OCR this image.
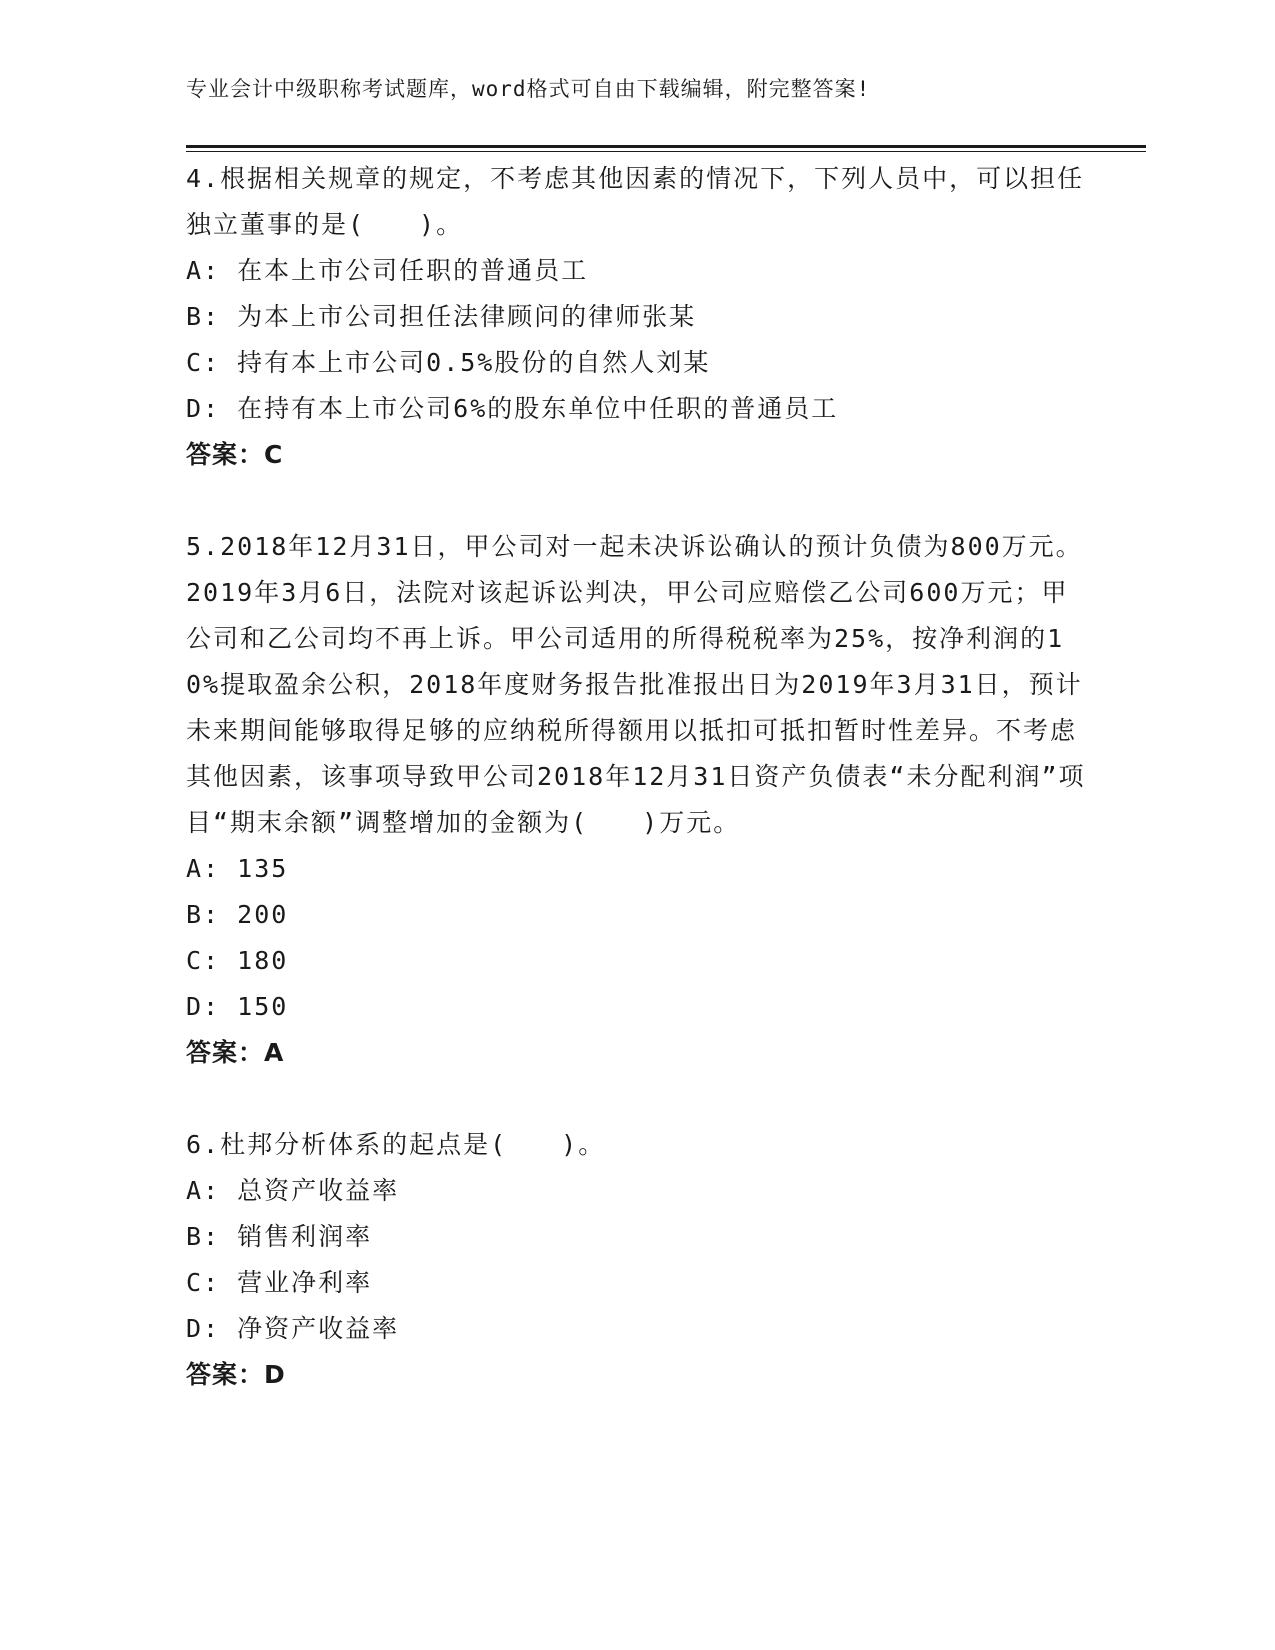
专业会计中级职称考试题库，word格式可自由下载编辑，附完整答案!
4.根据相关规章的规定，不考虑其他因素的情况下，下列人员中，可以担任独立董事的是(　　)。
A: 在本上市公司任职的普通员工
B: 为本上市公司担任法律顾问的律师张某
C: 持有本上市公司0.5%股份的自然人刘某
D: 在持有本上市公司6%的股东单位中任职的普通员工
答案：C
5.2018年12月31日，甲公司对一起未决诉讼确认的预计负债为800万元。2019年3月6日，法院对该起诉讼判决，甲公司应赔偿乙公司600万元；甲公司和乙公司均不再上诉。甲公司适用的所得税税率为25%，按净利润的10%提取盈余公积，2018年度财务报告批准报出日为2019年3月31日，预计未来期间能够取得足够的应纳税所得额用以抵扣可抵扣暂时性差异。不考虑其他因素，该事项导致甲公司2018年12月31日资产负债表“未分配利润”项目“期末余额”调整增加的金额为(　　)万元。
A: 135
B: 200
C: 180
D: 150
答案：A
6.杜邦分析体系的起点是(　　)。
A: 总资产收益率
B: 销售利润率
C: 营业净利率
D: 净资产收益率
答案：D
